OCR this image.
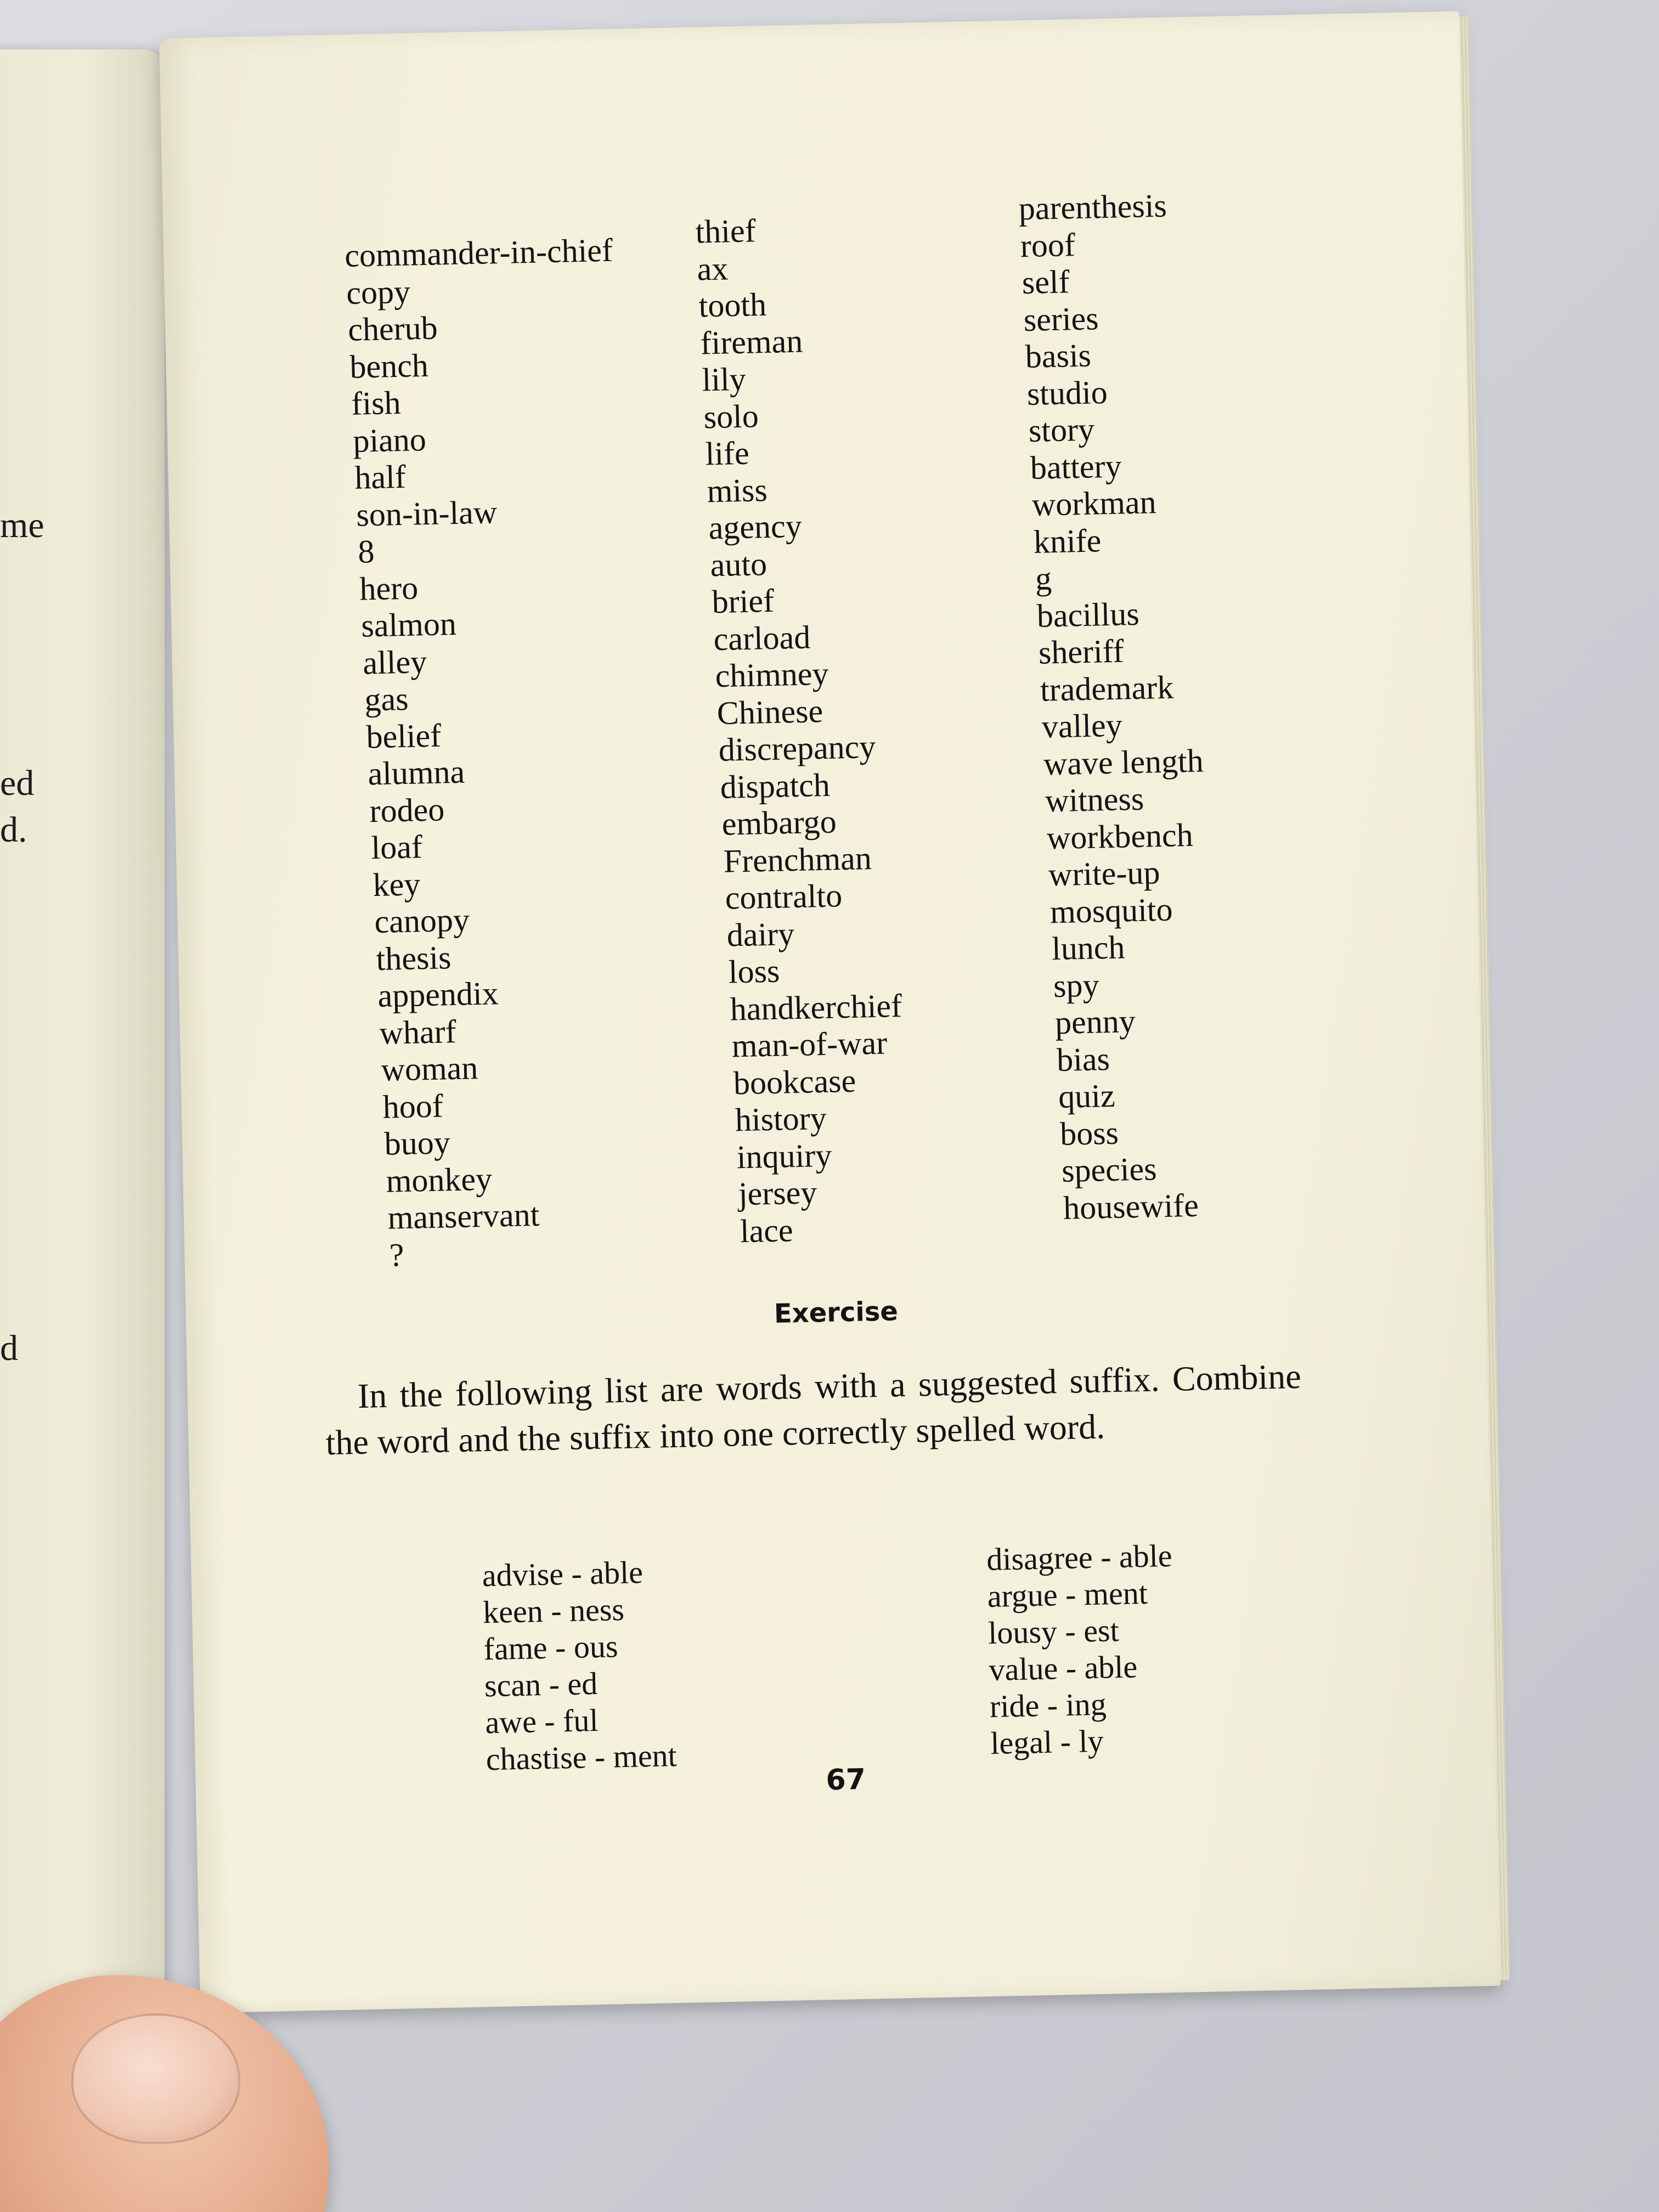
me
ed
d.
d
commander-in-chief
copy
cherub
bench
fish
piano
half
son-in-law
8
hero
salmon
alley
gas
belief
alumna
rodeo
loaf
key
canopy
thesis
appendix
wharf
woman
hoof
buoy
monkey
manservant
?
thief
ax
tooth
fireman
lily
solo
life
miss
agency
auto
brief
carload
chimney
Chinese
discrepancy
dispatch
embargo
Frenchman
contralto
dairy
loss
handkerchief
man-of-war
bookcase
history
inquiry
jersey
lace
parenthesis
roof
self
series
basis
studio
story
battery
workman
knife
g
bacillus
sheriff
trademark
valley
wave length
witness
workbench
write-up
mosquito
lunch
spy
penny
bias
quiz
boss
species
housewife
Exercise
In the following list are words with a suggested suffix. Combine the word and the suffix into one correctly spelled word.
advise - able
keen - ness
fame - ous
scan - ed
awe - ful
chastise - ment
disagree - able
argue - ment
lousy - est
value - able
ride - ing
legal - ly
67
